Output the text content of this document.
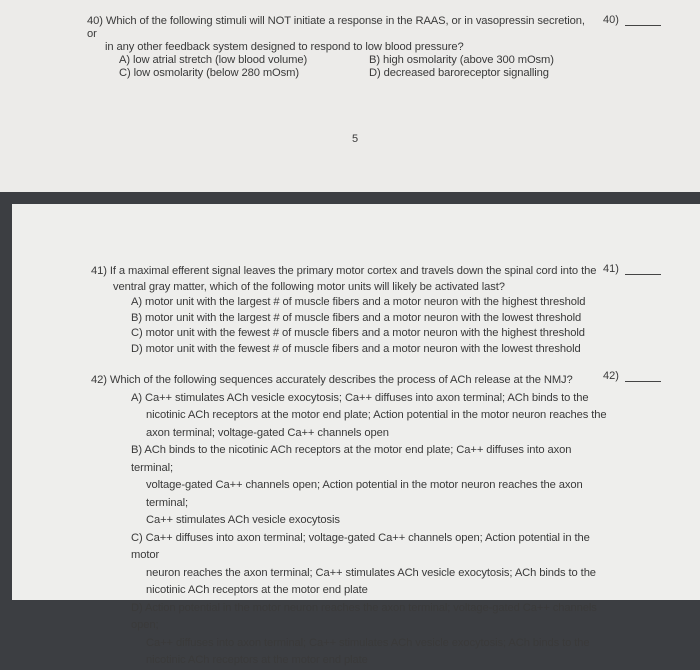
40) Which of the following stimuli will NOT initiate a response in the RAAS, or in vasopressin secretion, or
in any other feedback system designed to respond to low blood pressure?
A) low atrial stretch (low blood volume)	B) high osmolarity (above 300 mOsm)
C) low osmolarity (below 280 mOsm)	D) decreased baroreceptor signalling
40)
5
41) If a maximal efferent signal leaves the primary motor cortex and travels down the spinal cord into the
ventral gray matter, which of the following motor units will likely be activated last?
A) motor unit with the largest # of muscle fibers and a motor neuron with the highest threshold
B) motor unit with the largest # of muscle fibers and a motor neuron with the lowest threshold
C) motor unit with the fewest # of muscle fibers and a motor neuron with the highest threshold
D) motor unit with the fewest # of muscle fibers and a motor neuron with the lowest threshold
41)
42) Which of the following sequences accurately describes the process of ACh release at the NMJ?
A) Ca++ stimulates ACh vesicle exocytosis; Ca++ diffuses into axon terminal; ACh binds to the
nicotinic ACh receptors at the motor end plate; Action potential in the motor neuron reaches the
axon terminal; voltage-gated Ca++ channels open
B) ACh binds to the nicotinic ACh receptors at the motor end plate; Ca++ diffuses into axon terminal;
voltage-gated Ca++ channels open; Action potential in the motor neuron reaches the axon terminal;
Ca++ stimulates ACh vesicle exocytosis
C) Ca++ diffuses into axon terminal; voltage-gated Ca++ channels open; Action potential in the motor
neuron reaches the axon terminal; Ca++ stimulates ACh vesicle exocytosis; ACh binds to the
nicotinic ACh receptors at the motor end plate
D) Action potential in the motor neuron reaches the axon terminal; voltage-gated Ca++ channels open;
Ca++ diffuses into axon terminal; Ca++ stimulates ACh vesicle exocytosis; ACh binds to the
nicotinic ACh receptors at the motor end plate
42)
